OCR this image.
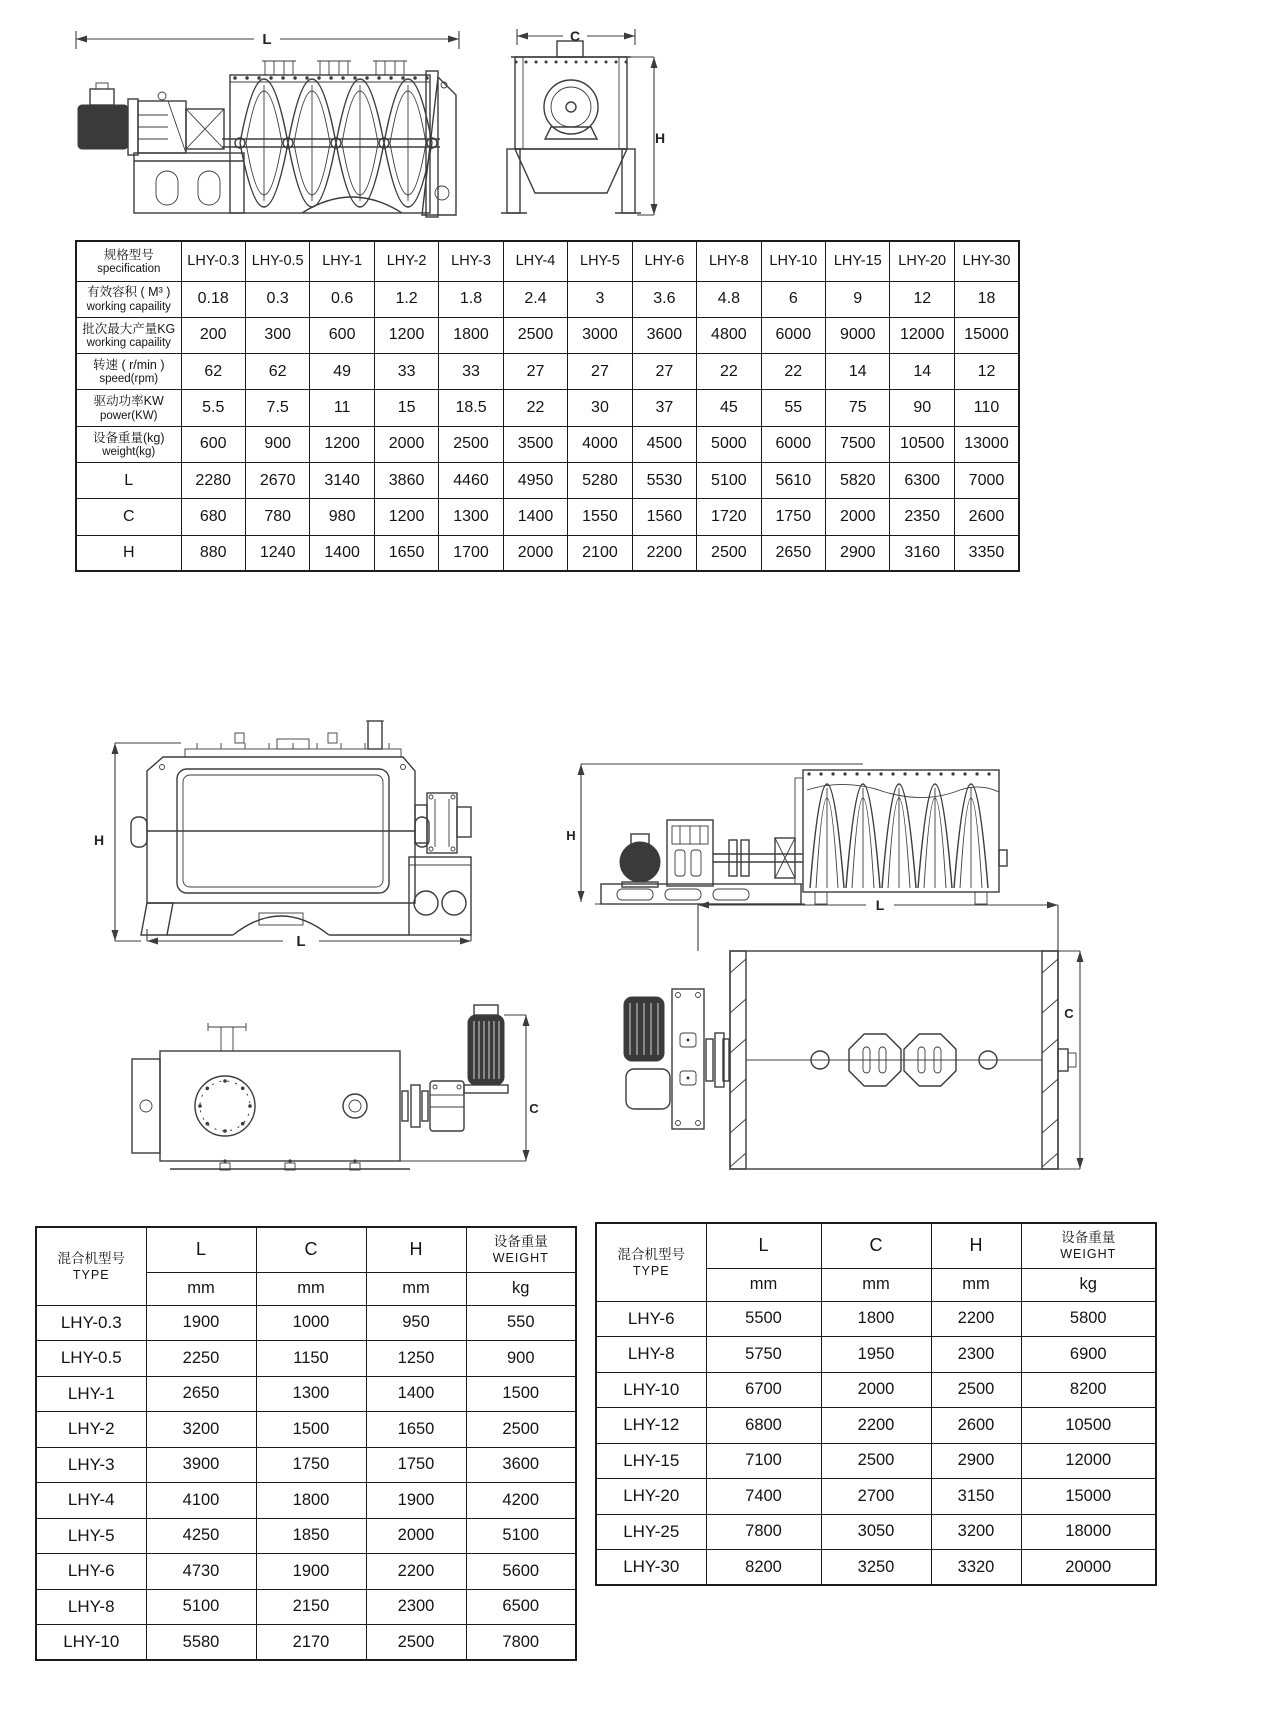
L	C
H
规格型号
specification	LHY-0.3	LHY-0.5	LHY-1	LHY-2	LHY-3	LHY-4	LHY-5	LHY-6	LHY-8	LHY-10	LHY-15	LHY-20	LHY-30

有效容积 ( M³ )
working capaility	0.18	0.3	0.6	1.2	1.8	2.4	3	3.6	4.8	6	9	12	18

批次最大产量KG
working capaility	200	300	600	1200	1800	2500	3000	3600	4800	6000	9000	12000	15000

转速 ( r/min )
speed(rpm)	62	62	49	33	33	27	27	27	22	22	14	14	12

驱动功率KW
power(KW)	5.5	7.5	11	15	18.5	22	30	37	45	55	75	90	110

设备重量(kg)
weight(kg)	600	900	1200	2000	2500	3500	4000	4500	5000	6000	7500	10500	13000

L	2280	2670	3140	3860	4460	4950	5280	5530	5100	5610	5820	6300	7000

C	680	780	980	1200	1300	1400	1550	1560	1720	1750	2000	2350	2600

H	880	1240	1400	1650	1700	2000	2100	2200	2500	2650	2900	3160	3350
H
L
H
C
L
C
混合机型号
TYPE
	L	C	H	设备重量
WEIGHT

	mm	mm	mm	kg
LHY-0.3	1900	1000	950	550
LHY-0.5	2250	1150	1250	900
LHY-1	2650	1300	1400	1500
LHY-2	3200	1500	1650	2500
LHY-3	3900	1750	1750	3600
LHY-4	4100	1800	1900	4200
LHY-5	4250	1850	2000	5100
LHY-6	4730	1900	2200	5600
LHY-8	5100	2150	2300	6500
LHY-10	5580	2170	2500	7800
混合机型号
TYPE
	L	C	H	设备重量
WEIGHT

	mm	mm	mm	kg
LHY-6	5500	1800	2200	5800
LHY-8	5750	1950	2300	6900
LHY-10	6700	2000	2500	8200
LHY-12	6800	2200	2600	10500
LHY-15	7100	2500	2900	12000
LHY-20	7400	2700	3150	15000
LHY-25	7800	3050	3200	18000
LHY-30	8200	3250	3320	20000
